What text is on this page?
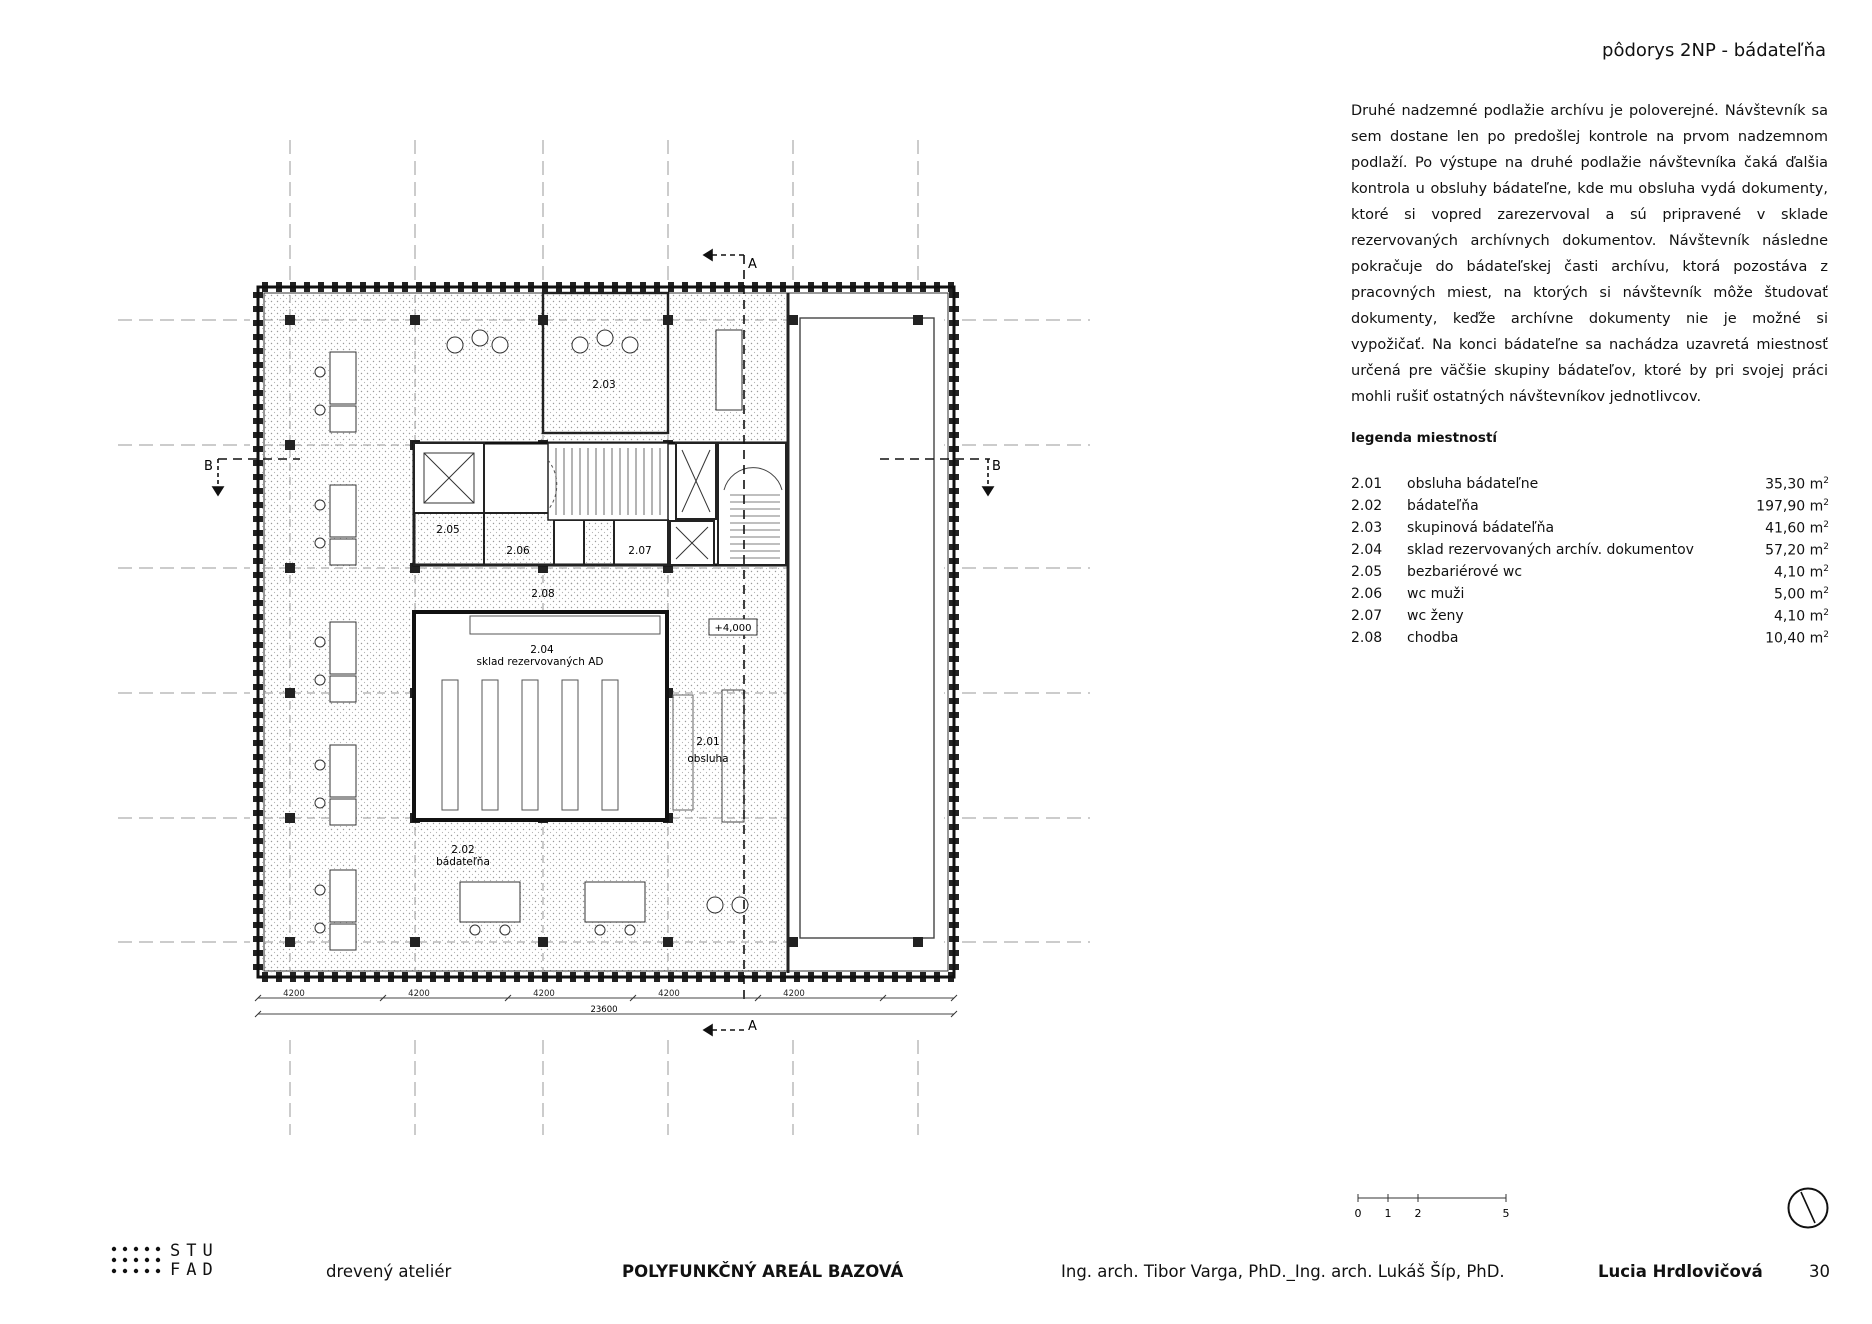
pôdorys 2NP - bádateľňa
Druhé nadzemné podlažie archívu je poloverejné. Návštevník sa sem dostane len po predošlej kontrole na prvom nadzemnom podlaží. Po výstupe na druhé podlažie návštevníka čaká ďalšia kontrola u obsluhy bádateľne, kde mu obsluha vydá dokumenty, ktoré si vopred zarezervoval a sú pripravené v sklade rezervovaných archívnych dokumentov. Návštevník následne pokračuje do bádateľskej časti archívu, ktorá pozostáva z pracovných miest, na ktorých si návštevník môže študovať dokumenty, keďže archívne dokumenty nie je možné si vypožičať. Na konci bádateľne sa nachádza uzavretá miestnosť určená pre väčšie skupiny bádateľov, ktoré by pri svojej práci mohli rušiť ostatných návštevníkov jednotlivcov.
legenda miestností
2.01	obsluha bádateľne	35,30 $m^2$
2.02	bádateľňa	197,90 $m^2$
2.03	skupinová bádateľňa	41,60 $m^2$
2.04	sklad rezervovaných archív. dokumentov	57,20 $m^2$
2.05	bezbariérové wc	4,10 $m^2$
2.06	wc muži	5,00 $m^2$
2.07	wc ženy	4,10 $m^2$
2.08	chodba	10,40 $m^2$
A
A
B	B
2.03
2.05
2.06	2.07
2.08
2.04
sklad rezervovaných AD
2.01
obsluha
2.02
bádateľňa
+4,000
4200	4200	4200	4200	4200
23600
0 1 2	5
STU
FAD	drevený ateliér	POLYFUNKČNÝ AREÁL BAZOVÁ	Ing. arch. Tibor Varga, PhD._Ing. arch. Lukáš Šíp, PhD.	Lucia Hrdlovičová	30
